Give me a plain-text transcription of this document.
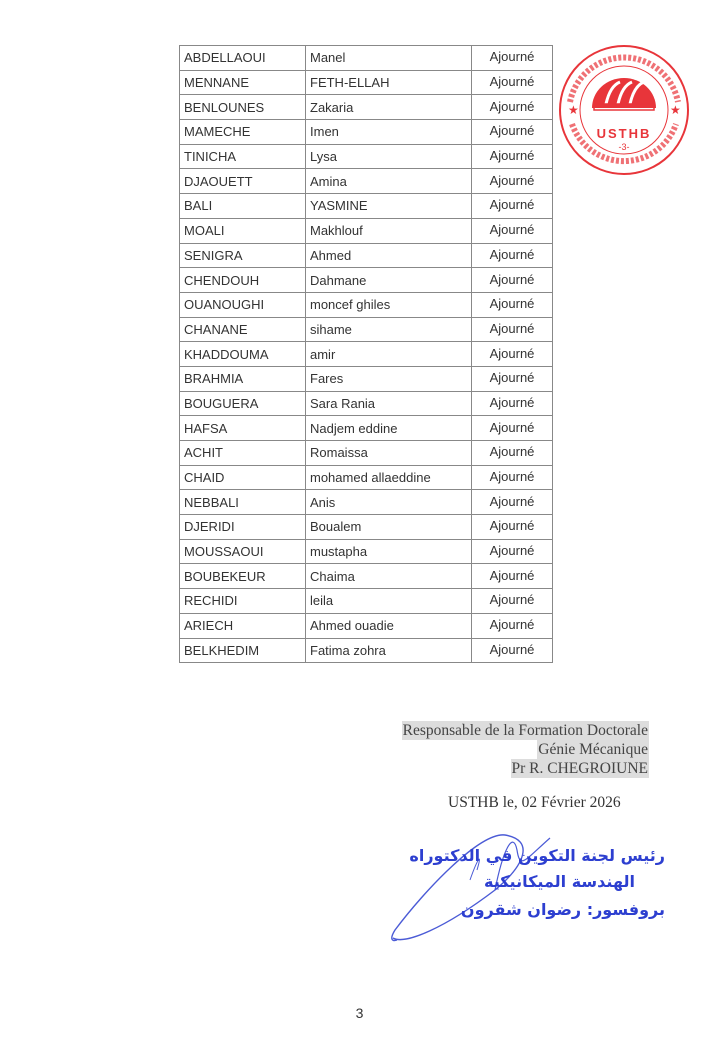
ABDELLAOUI	Manel	Ajourné
MENNANE	FETH-ELLAH	Ajourné
BENLOUNES	Zakaria	Ajourné
MAMECHE	Imen	Ajourné
TINICHA	Lysa	Ajourné
DJAOUETT	Amina	Ajourné
BALI	YASMINE	Ajourné
MOALI	Makhlouf	Ajourné
SENIGRA	Ahmed	Ajourné
CHENDOUH	Dahmane	Ajourné
OUANOUGHI	moncef ghiles	Ajourné
CHANANE	sihame	Ajourné
KHADDOUMA	amir	Ajourné
BRAHMIA	Fares	Ajourné
BOUGUERA	Sara Rania	Ajourné
HAFSA	Nadjem eddine	Ajourné
ACHIT	Romaissa	Ajourné
CHAID	mohamed allaeddine	Ajourné
NEBBALI	Anis	Ajourné
DJERIDI	Boualem	Ajourné
MOUSSAOUI	mustapha	Ajourné
BOUBEKEUR	Chaima	Ajourné
RECHIDI	leila	Ajourné
ARIECH	Ahmed ouadie	Ajourné
BELKHEDIM	Fatima zohra	Ajourné
USTHB
-3-
★	★
Responsable de la Formation Doctorale
Génie Mécanique
Pr R. CHEGROIUNE
USTHB le, 02 Février 2026
رئيس لجنة التكوين في الدكتوراه
الهندسة الميكانيكية
بروفسور: رضوان شقرون
3
